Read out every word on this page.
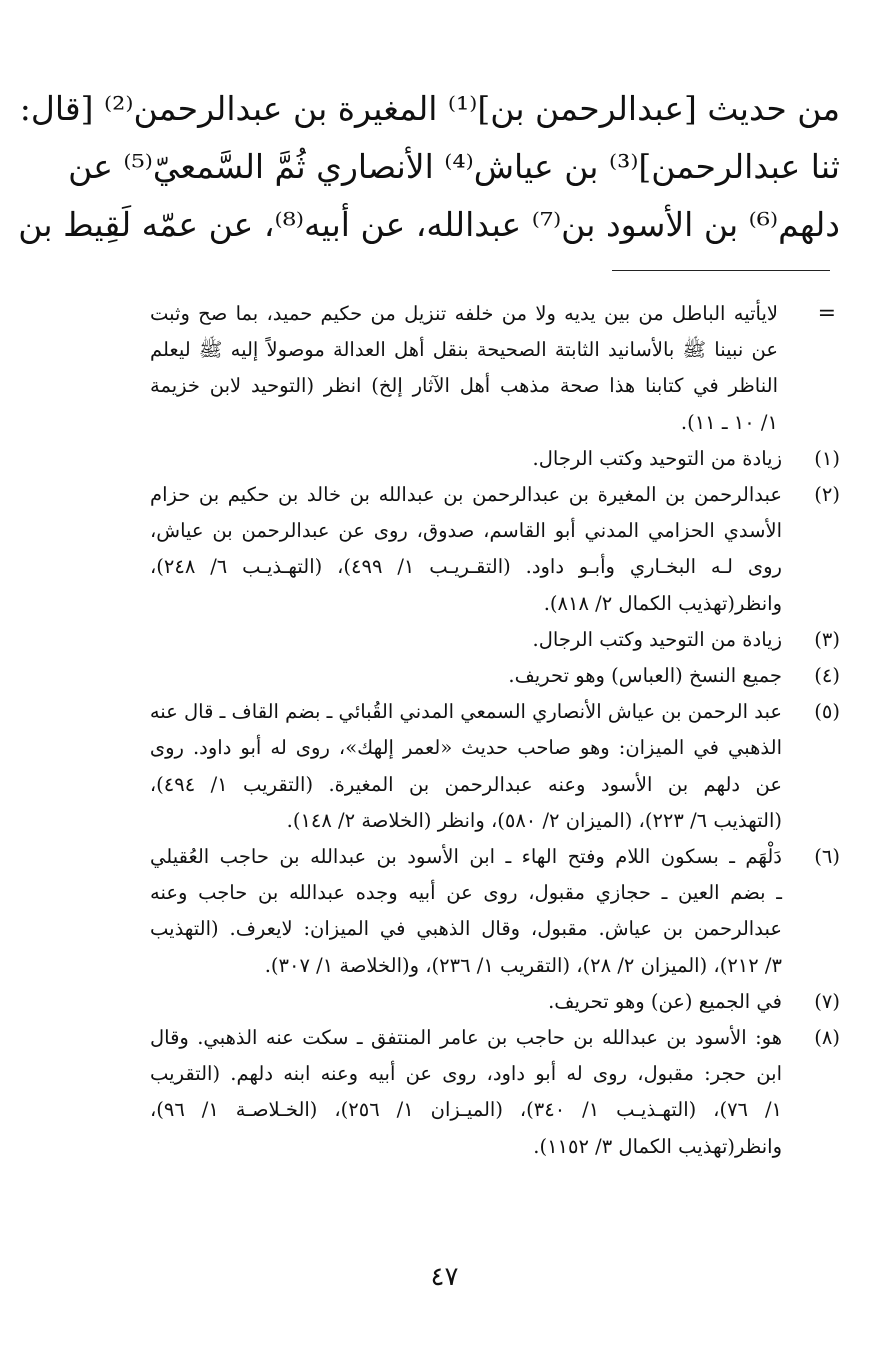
من حديث [عبدالرحمن بن]⁽¹⁾ المغيرة بن عبدالرحمن⁽²⁾ [قال:
ثنا عبدالرحمن]⁽³⁾ بن عياش⁽⁴⁾ الأنصاري ثُمَّ السَّمعيّ⁽⁵⁾ عن
دلهم⁽⁶⁾ بن الأسود بن⁽⁷⁾ عبدالله، عن أبيه⁽⁸⁾، عن عمّه لَقِيط بن
=
لايأتيه الباطل من بين يديه ولا من خلفه تنزيل من حكيم حميد، بما صح وثبت
عن نبينا ﷺ بالأسانيد الثابتة الصحيحة بنقل أهل العدالة موصولاً إليه ﷺ ليعلم
الناظر في كتابنا هذا صحة مذهب أهل الآثار إلخ) انظر (التوحيد لابن خزيمة
١/ ١٠ ـ ١١).
(١)
زيادة من التوحيد وكتب الرجال.
(٢)
عبدالرحمن بن المغيرة بن عبدالرحمن بن عبدالله بن خالد بن حكيم بن حزام
الأسدي الحزامي المدني أبو القاسم، صدوق، روى عن عبدالرحمن بن عياش،
روى لـه البخـاري وأبـو داود. (التقـريـب ١/ ٤٩٩)، (التهـذيـب ٦/ ٢٤٨)،
وانظر(تهذيب الكمال ٢/ ٨١٨).
(٣)
زيادة من التوحيد وكتب الرجال.
(٤)
جميع النسخ (العباس) وهو تحريف.
(٥)
عبد الرحمن بن عياش الأنصاري السمعي المدني القُبائي ـ بضم القاف ـ قال عنه
الذهبي في الميزان: وهو صاحب حديث «لعمر إلهك»، روى له أبو داود. روى
عن دلهم بن الأسود وعنه عبدالرحمن بن المغيرة. (التقريب ١/ ٤٩٤)،
(التهذيب ٦/ ٢٢٣)، (الميزان ٢/ ٥٨٠)، وانظر (الخلاصة ٢/ ١٤٨).
(٦)
دَلْهَم ـ بسكون اللام وفتح الهاء ـ ابن الأسود بن عبدالله بن حاجب العُقيلي
ـ بضم العين ـ حجازي مقبول، روى عن أبيه وجده عبدالله بن حاجب وعنه
عبدالرحمن بن عياش. مقبول، وقال الذهبي في الميزان: لايعرف. (التهذيب
٣/ ٢١٢)، (الميزان ٢/ ٢٨)، (التقريب ١/ ٢٣٦)، و(الخلاصة ١/ ٣٠٧).
(٧)
في الجميع (عن) وهو تحريف.
(٨)
هو: الأسود بن عبدالله بن حاجب بن عامر المنتفق ـ سكت عنه الذهبي. وقال
ابن حجر: مقبول، روى له أبو داود، روى عن أبيه وعنه ابنه دلهم. (التقريب
١/ ٧٦)، (التهـذيـب ١/ ٣٤٠)، (الميـزان ١/ ٢٥٦)، (الخـلاصـة ١/ ٩٦)،
وانظر(تهذيب الكمال ٣/ ١١٥٢).
٤٧
